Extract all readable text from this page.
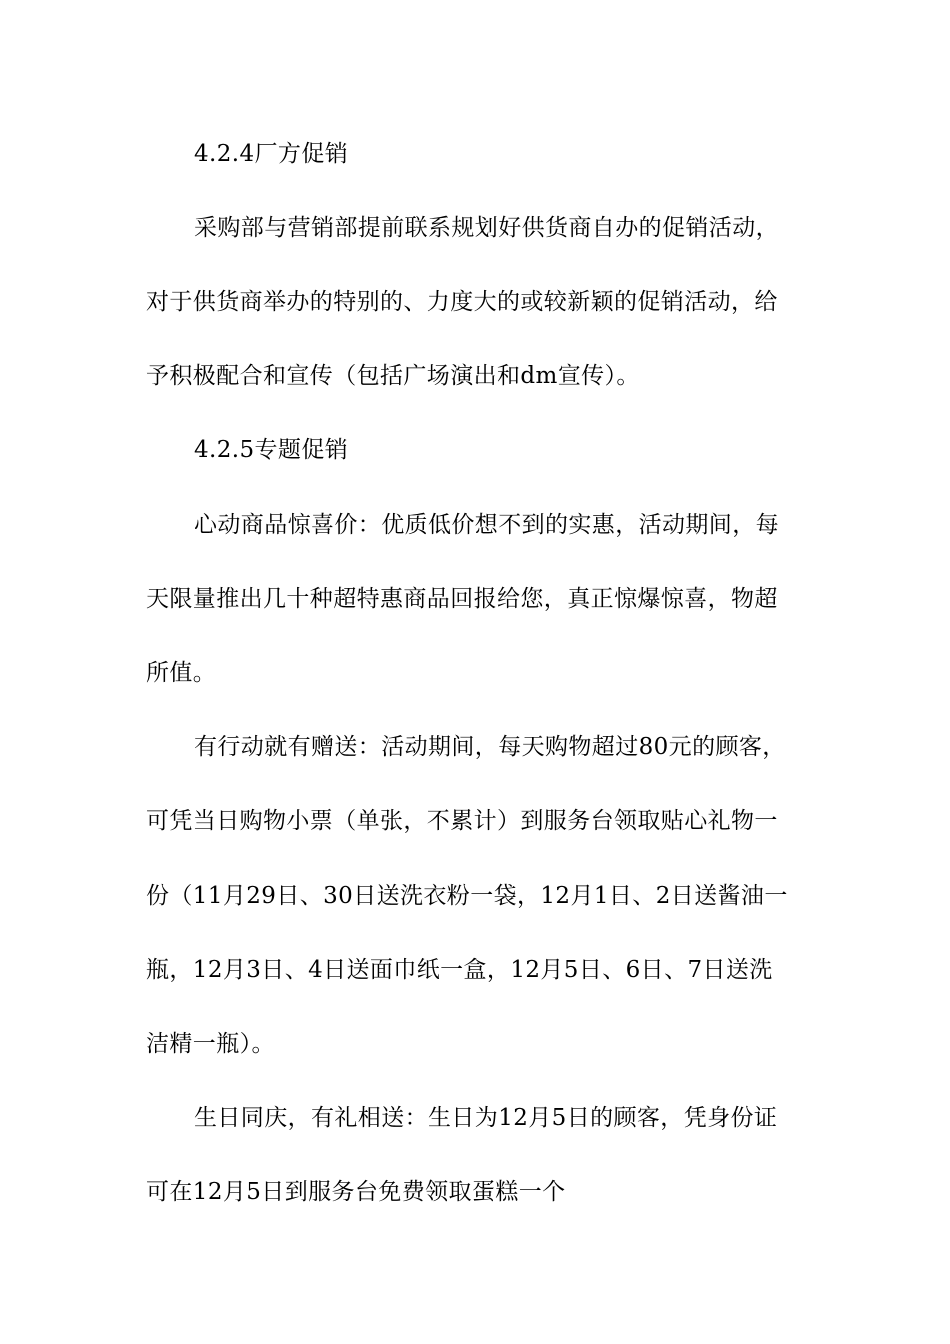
4.2.4厂方促销
采购部与营销部提前联系规划好供货商自办的促销活动，
对于供货商举办的特别的、力度大的或较新颖的促销活动，给
予积极配合和宣传（包括广场演出和dm宣传）。
4.2.5专题促销
心动商品惊喜价：优质低价想不到的实惠，活动期间，每
天限量推出几十种超特惠商品回报给您，真正惊爆惊喜，物超
所值。
有行动就有赠送：活动期间，每天购物超过80元的顾客，
可凭当日购物小票（单张，不累计）到服务台领取贴心礼物一
份（11月29日、30日送洗衣粉一袋，12月1日、2日送酱油一
瓶，12月3日、4日送面巾纸一盒，12月5日、6日、7日送洗
洁精一瓶）。
生日同庆，有礼相送：生日为12月5日的顾客，凭身份证
可在12月5日到服务台免费领取蛋糕一个
